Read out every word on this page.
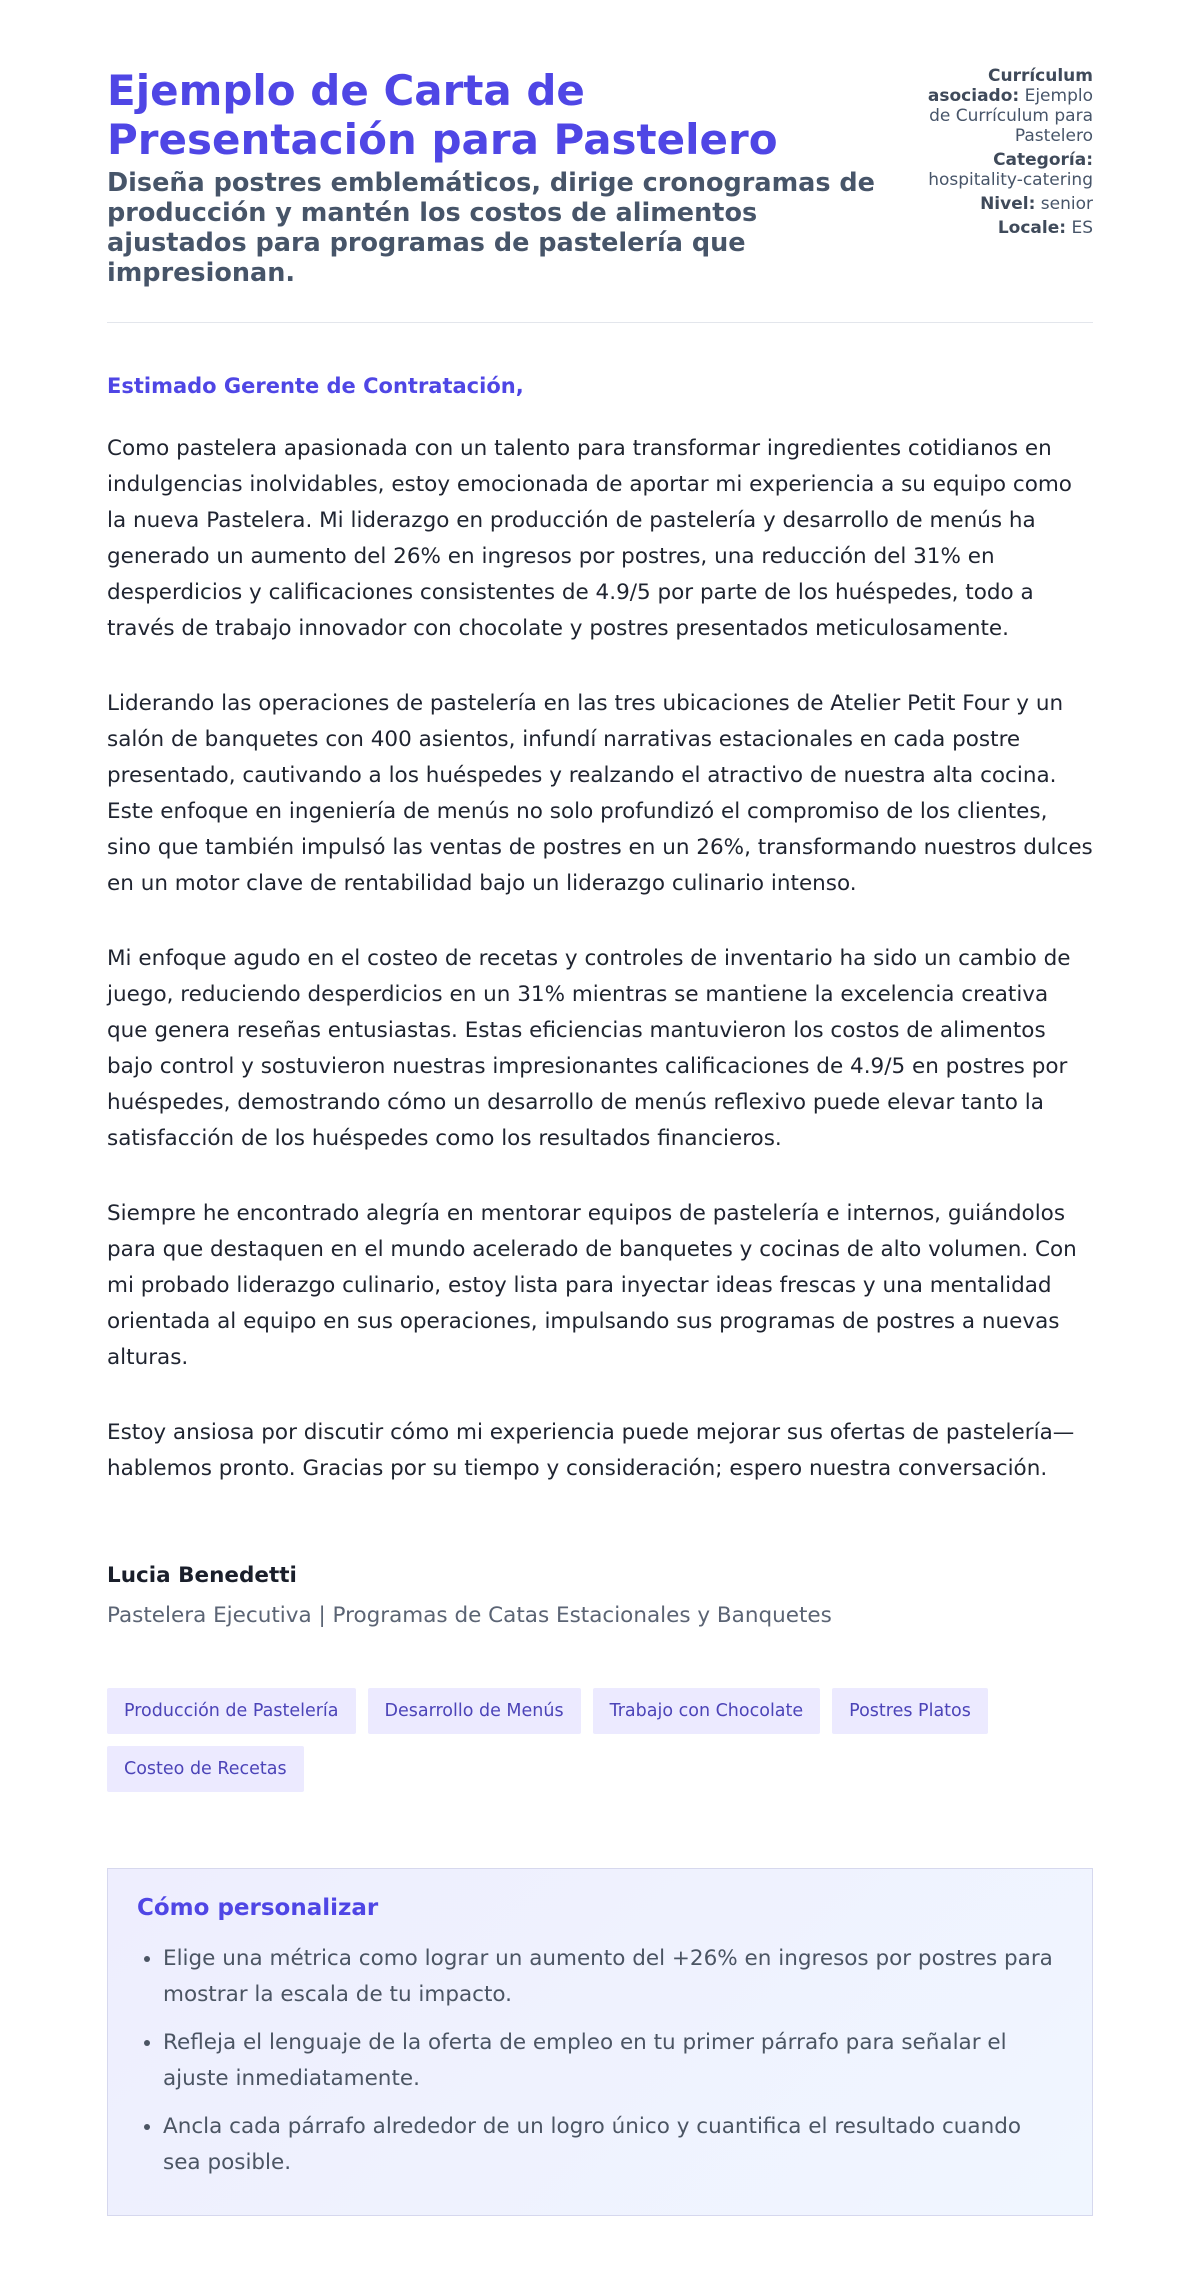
Ejemplo de Carta de Presentación para Pastelero

Diseña postres emblemáticos, dirige cronogramas de producción y mantén los costos de alimentos ajustados para programas de pastelería que impresionan.

Currículum asociado: Ejemplo de Currículum para Pastelero
Categoría: hospitality-catering
Nivel: senior
Locale: ES

Estimado Gerente de Contratación,

Como pastelera apasionada con un talento para transformar ingredientes cotidianos en indulgencias inolvidables, estoy emocionada de aportar mi experiencia a su equipo como la nueva Pastelera. Mi liderazgo en producción de pastelería y desarrollo de menús ha generado un aumento del 26% en ingresos por postres, una reducción del 31% en desperdicios y calificaciones consistentes de 4.9/5 por parte de los huéspedes, todo a través de trabajo innovador con chocolate y postres presentados meticulosamente.

Liderando las operaciones de pastelería en las tres ubicaciones de Atelier Petit Four y un salón de banquetes con 400 asientos, infundí narrativas estacionales en cada postre presentado, cautivando a los huéspedes y realzando el atractivo de nuestra alta cocina. Este enfoque en ingeniería de menús no solo profundizó el compromiso de los clientes, sino que también impulsó las ventas de postres en un 26%, transformando nuestros dulces en un motor clave de rentabilidad bajo un liderazgo culinario intenso.

Mi enfoque agudo en el costeo de recetas y controles de inventario ha sido un cambio de juego, reduciendo desperdicios en un 31% mientras se mantiene la excelencia creativa que genera reseñas entusiastas. Estas eficiencias mantuvieron los costos de alimentos bajo control y sostuvieron nuestras impresionantes calificaciones de 4.9/5 en postres por huéspedes, demostrando cómo un desarrollo de menús reflexivo puede elevar tanto la satisfacción de los huéspedes como los resultados financieros.

Siempre he encontrado alegría en mentorar equipos de pastelería e internos, guiándolos para que destaquen en el mundo acelerado de banquetes y cocinas de alto volumen. Con mi probado liderazgo culinario, estoy lista para inyectar ideas frescas y una mentalidad orientada al equipo en sus operaciones, impulsando sus programas de postres a nuevas alturas.

Estoy ansiosa por discutir cómo mi experiencia puede mejorar sus ofertas de pastelería—hablemos pronto. Gracias por su tiempo y consideración; espero nuestra conversación.

Lucia Benedetti

Pastelera Ejecutiva | Programas de Catas Estacionales y Banquetes

Producción de Pastelería	Desarrollo de Menús	Trabajo con Chocolate	Postres Platos
Costeo de Recetas
Cómo personalizar
• Elige una métrica como lograr un aumento del +26% en ingresos por postres para mostrar la escala de tu impacto.
• Refleja el lenguaje de la oferta de empleo en tu primer párrafo para señalar el ajuste inmediatamente.
• Ancla cada párrafo alrededor de un logro único y cuantifica el resultado cuando sea posible.
